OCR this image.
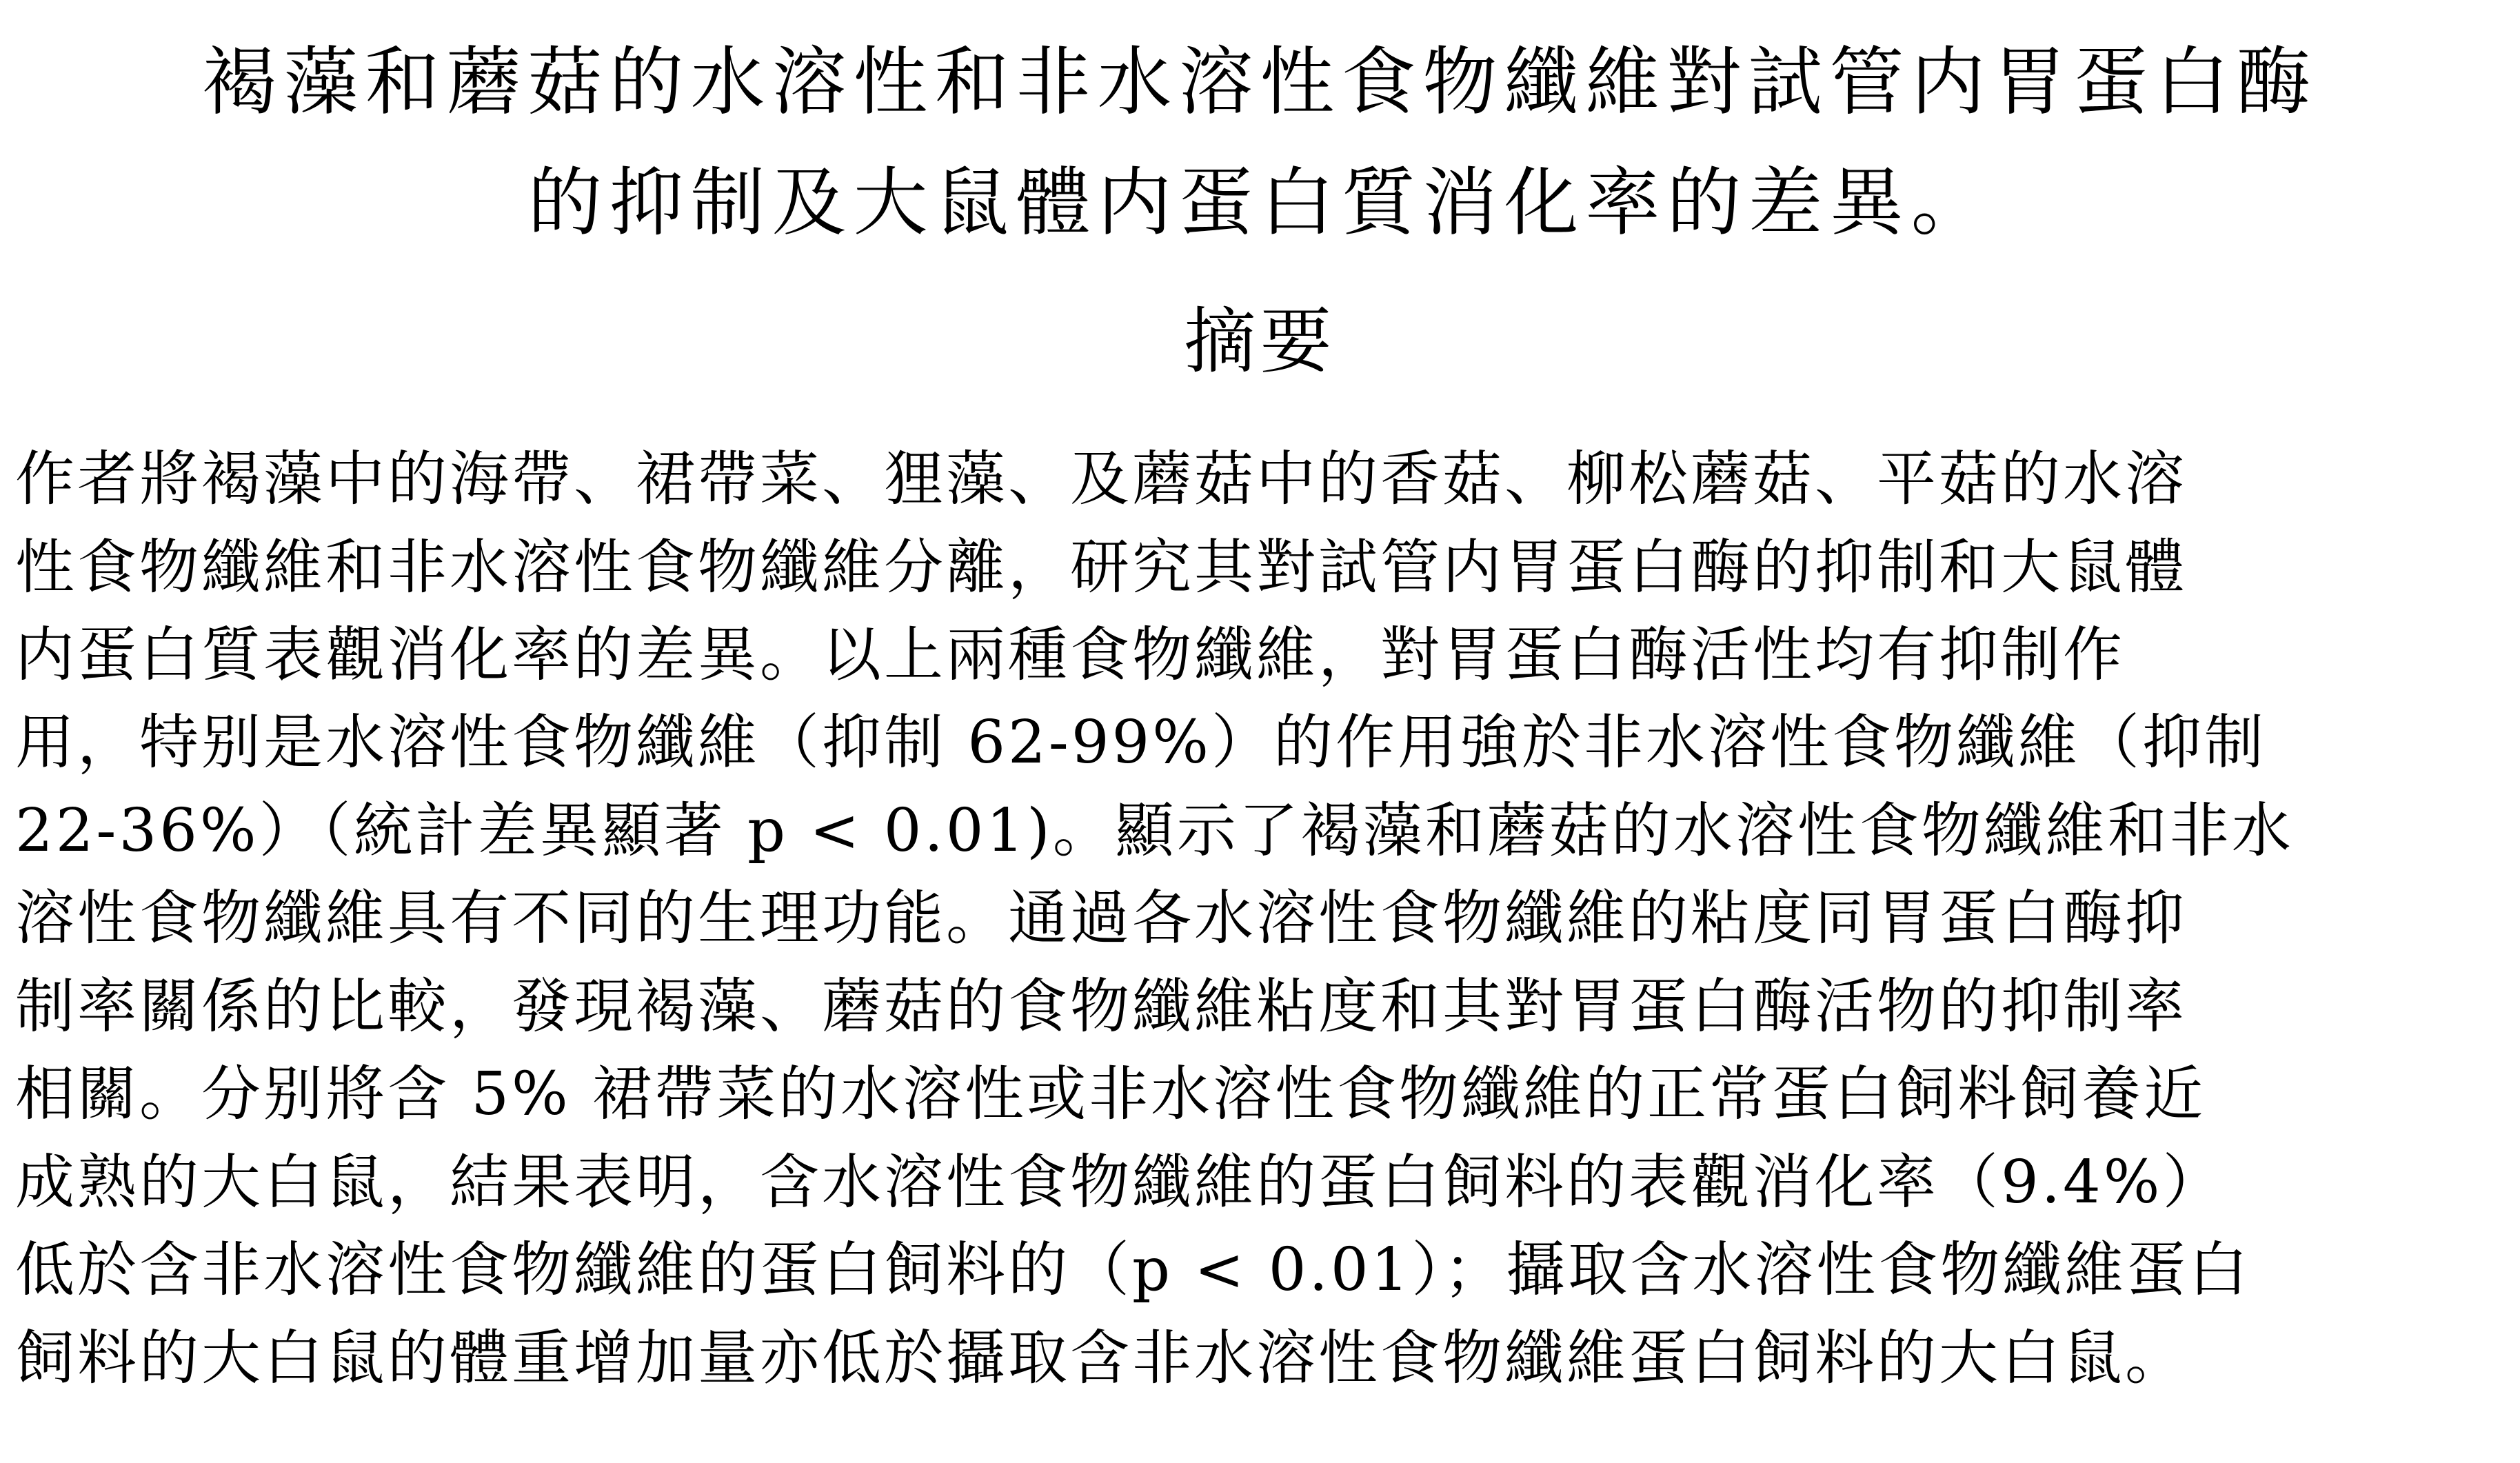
褐藻和蘑菇的水溶性和非水溶性食物纖維對試管内胃蛋白酶
的抑制及大鼠體内蛋白質消化率的差異。
摘要
作者將褐藻中的海帶、裙帶菜、狸藻、及蘑菇中的香菇、柳松蘑菇、平菇的水溶
性食物纖維和非水溶性食物纖維分離，研究其對試管内胃蛋白酶的抑制和大鼠體
内蛋白質表觀消化率的差異。以上兩種食物纖維，對胃蛋白酶活性均有抑制作
用，特别是水溶性食物纖維（抑制 62-99%）的作用強於非水溶性食物纖維（抑制
22-36%）（統計差異顯著 p < 0.01)。顯示了褐藻和蘑菇的水溶性食物纖維和非水
溶性食物纖維具有不同的生理功能。通過各水溶性食物纖維的粘度同胃蛋白酶抑
制率關係的比較，發現褐藻、蘑菇的食物纖維粘度和其對胃蛋白酶活物的抑制率
相關。分别將含 5% 裙帶菜的水溶性或非水溶性食物纖維的正常蛋白飼料飼養近
成熟的大白鼠，結果表明，含水溶性食物纖維的蛋白飼料的表觀消化率（9.4%）
低於含非水溶性食物纖維的蛋白飼料的（p < 0.01）；攝取含水溶性食物纖維蛋白
飼料的大白鼠的體重增加量亦低於攝取含非水溶性食物纖維蛋白飼料的大白鼠。
